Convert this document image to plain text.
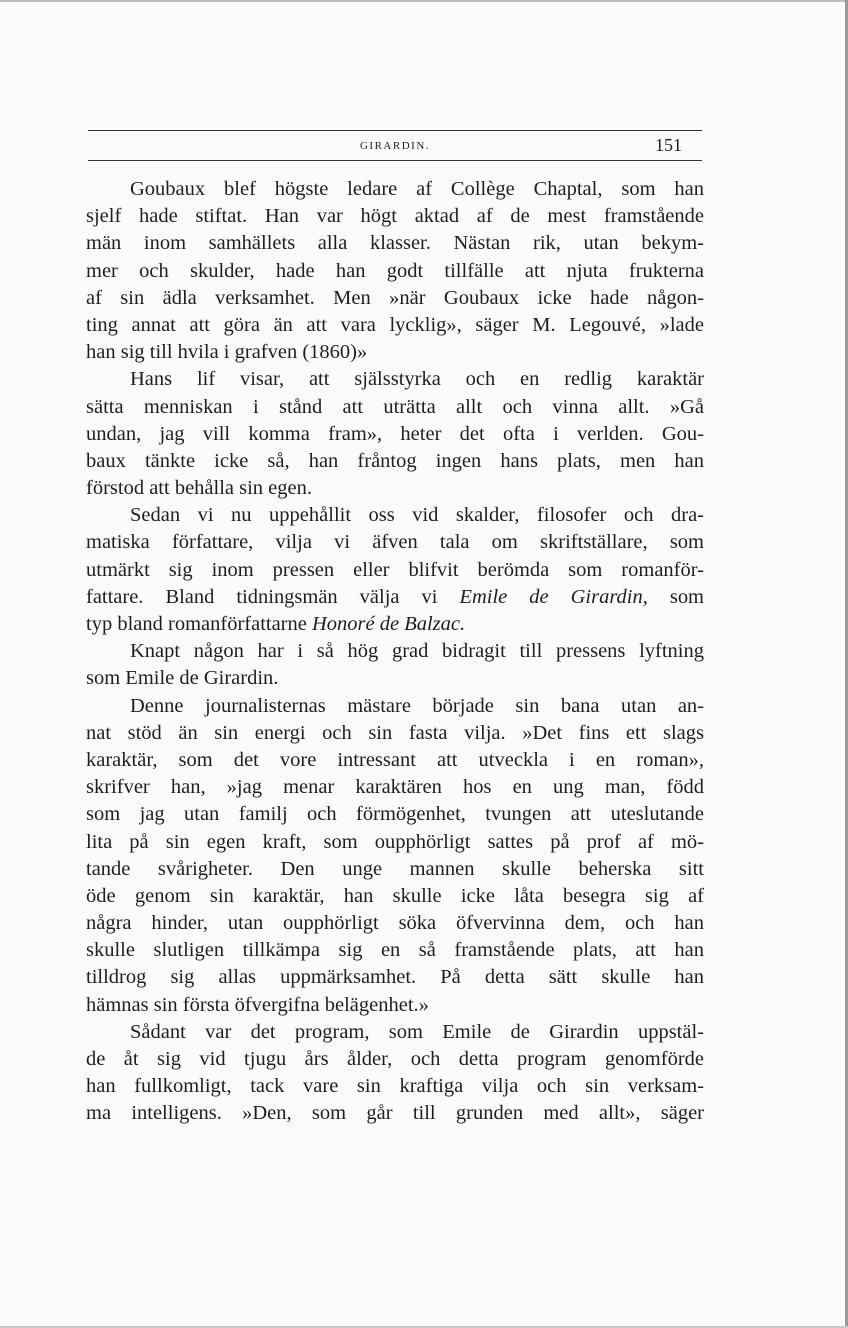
GIRARDIN.	151
Goubaux blef högste ledare af Collège Chaptal, som han
sjelf hade stiftat. Han var högt aktad af de mest framstående
män inom samhällets alla klasser. Nästan rik, utan bekym-
mer och skulder, hade han godt tillfälle att njuta frukterna
af sin ädla verksamhet. Men »när Goubaux icke hade någon-
ting annat att göra än att vara lycklig», säger M. Legouvé, »lade
han sig till hvila i grafven (1860)»
Hans lif visar, att själsstyrka och en redlig karaktär
sätta menniskan i stånd att uträtta allt och vinna allt. »Gå
undan, jag vill komma fram», heter det ofta i verlden. Gou-
baux tänkte icke så, han fråntog ingen hans plats, men han
förstod att behålla sin egen.
Sedan vi nu uppehållit oss vid skalder, filosofer och dra-
matiska författare, vilja vi äfven tala om skriftställare, som
utmärkt sig inom pressen eller blifvit berömda som romanför-
fattare. Bland tidningsmän välja vi Emile de Girardin, som
typ bland romanförfattarne Honoré de Balzac.
Knapt någon har i så hög grad bidragit till pressens lyftning
som Emile de Girardin.
Denne journalisternas mästare började sin bana utan an-
nat stöd än sin energi och sin fasta vilja. »Det fins ett slags
karaktär, som det vore intressant att utveckla i en roman»,
skrifver han, »jag menar karaktären hos en ung man, född
som jag utan familj och förmögenhet, tvungen att uteslutande
lita på sin egen kraft, som oupphörligt sattes på prof af mö-
tande svårigheter. Den unge mannen skulle beherska sitt
öde genom sin karaktär, han skulle icke låta besegra sig af
några hinder, utan oupphörligt söka öfvervinna dem, och han
skulle slutligen tillkämpa sig en så framstående plats, att han
tilldrog sig allas uppmärksamhet. På detta sätt skulle han
hämnas sin första öfvergifna belägenhet.»
Sådant var det program, som Emile de Girardin uppstäl-
de åt sig vid tjugu års ålder, och detta program genomförde
han fullkomligt, tack vare sin kraftiga vilja och sin verksam-
ma intelligens. »Den, som går till grunden med allt», säger
